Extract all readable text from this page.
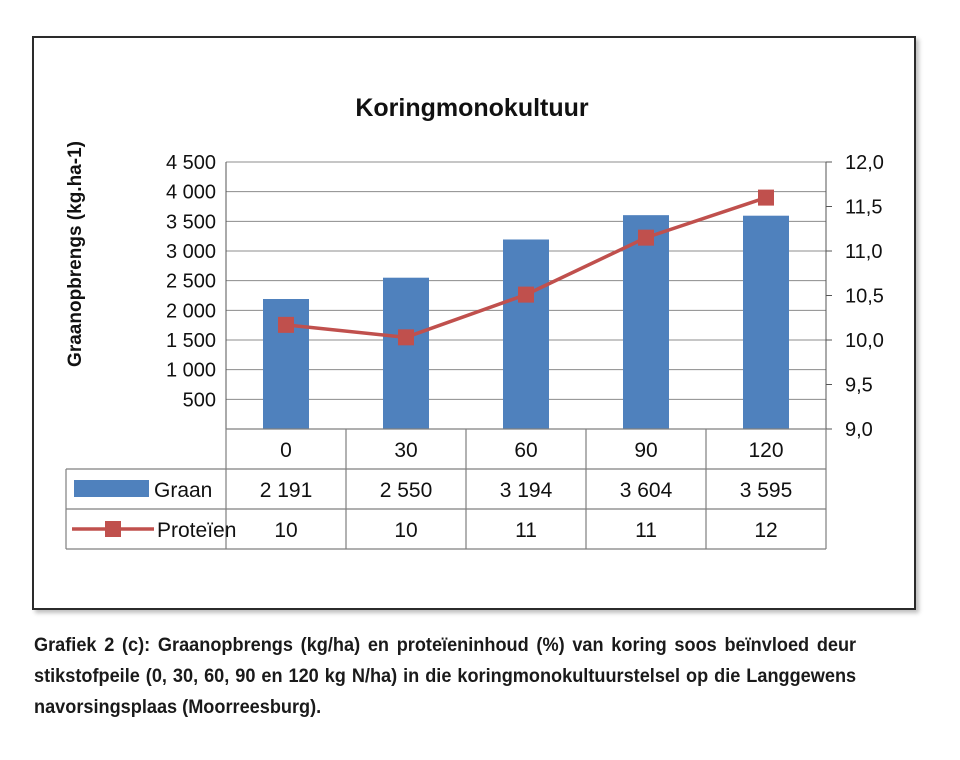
Koringmonokultuur
Graanopbrengs (kg.ha-1)	4 500
4 000
3 500
3 000
2 500
2 000
1 500
1 000
500
12,0
11,5
11,0
10,5
10,0
9,5
9,0
0	30	60	90	120
Graan 2 191	2 550	3 194	3 604	3 595
Proteïen 10	10	11	11	12

Grafiek 2 (c): Graanopbrengs (kg/ha) en proteïeninhoud (%) van koring soos beïnvloed deur stikstofpeile (0, 30, 60, 90 en 120 kg N/ha) in die koringmonokultuurstelsel op die Langgewens navorsingsplaas (Moorreesburg).
